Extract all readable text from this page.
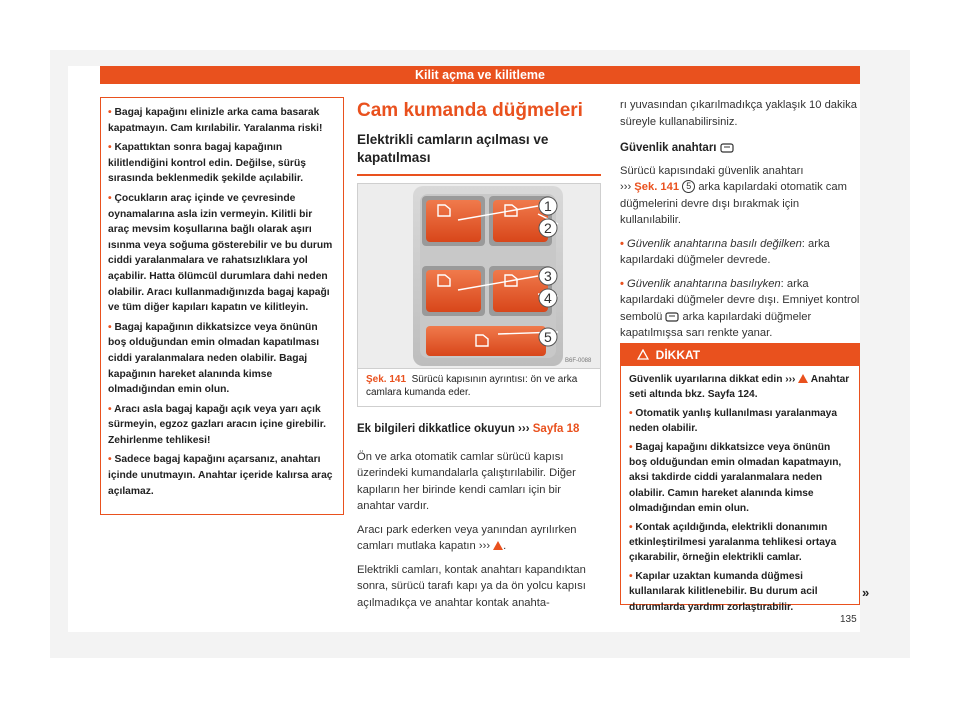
Kilit açma ve kilitleme

• Bagaj kapağını elinizle arka cama basarak kapatmayın. Cam kırılabilir. Yaralanma riski!

• Kapattıktan sonra bagaj kapağının kilitlendiğini kontrol edin. Değilse, sürüş sırasında beklenmedik şekilde açılabilir.

• Çocukların araç içinde ve çevresinde oynamalarına asla izin vermeyin. Kilitli bir araç mevsim koşullarına bağlı olarak aşırı ısınma veya soğuma gösterebilir ve bu durum ciddi yaralanmalara ve rahatsızlıklara yol açabilir. Hatta ölümcül durumlara dahi neden olabilir. Aracı kullanmadığınızda bagaj kapağı ve tüm diğer kapıları kapatın ve kilitleyin.

• Bagaj kapağının dikkatsizce veya önünün boş olduğundan emin olmadan kapatılması ciddi yaralanmalara neden olabilir. Bagaj kapağının hareket alanında kimse olmadığından emin olun.

• Aracı asla bagaj kapağı açık veya yarı açık sürmeyin, egzoz gazları aracın içine girebilir. Zehirlenme tehlikesi!

• Sadece bagaj kapağını açarsanız, anahtarı içinde unutmayın. Anahtar içeride kalırsa araç açılamaz.

Cam kumanda düğmeleri
Elektrikli camların açılması ve kapatılması
1
2
3
4
5
B6F-0088
Şek. 141 Sürücü kapısının ayrıntısı: ön ve arka camlara kumanda eder.
Ek bilgileri dikkatlice okuyun ››› Sayfa 18

Ön ve arka otomatik camlar sürücü kapısı üzerindeki kumandalarla çalıştırılabilir. Diğer kapıların her birinde kendi camları için bir anahtar vardır.

Aracı park ederken veya yanından ayrılırken camları mutlaka kapatın ››› .

Elektrikli camları, kontak anahtarı kapandıktan sonra, sürücü tarafı kapı ya da ön yolcu kapısı açılmadıkça ve anahtar kontak anahta-

rı yuvasından çıkarılmadıkça yaklaşık 10 dakika süreyle kullanabilirsiniz.

Güvenlik anahtarı

Sürücü kapısındaki güvenlik anahtarı
››› Şek. 141 5 arka kapılardaki otomatik cam düğmelerini devre dışı bırakmak için kullanılabilir.

• Güvenlik anahtarına basılı değilken: arka kapılardaki düğmeler devrede.

• Güvenlik anahtarına basılıyken: arka kapılardaki düğmeler devre dışı. Emniyet kontrol sembolü arka kapılardaki düğmeler kapatılmışsa sarı renkte yanar.

DİKKAT

Güvenlik uyarılarına dikkat edin ››› Anahtar seti altında bkz. Sayfa 124.

• Otomatik yanlış kullanılması yaralanmaya neden olabilir.

• Bagaj kapağını dikkatsizce veya önünün boş olduğundan emin olmadan kapatmayın, aksi takdirde ciddi yaralanmalara neden olabilir. Camın hareket alanında kimse olmadığından emin olun.

• Kontak açıldığında, elektrikli donanımın etkinleştirilmesi yaralanma tehlikesi ortaya çıkarabilir, örneğin elektrikli camlar.

• Kapılar uzaktan kumanda düğmesi kullanılarak kilitlenebilir. Bu durum acil durumlarda yardımı zorlaştırabilir.

»
135
